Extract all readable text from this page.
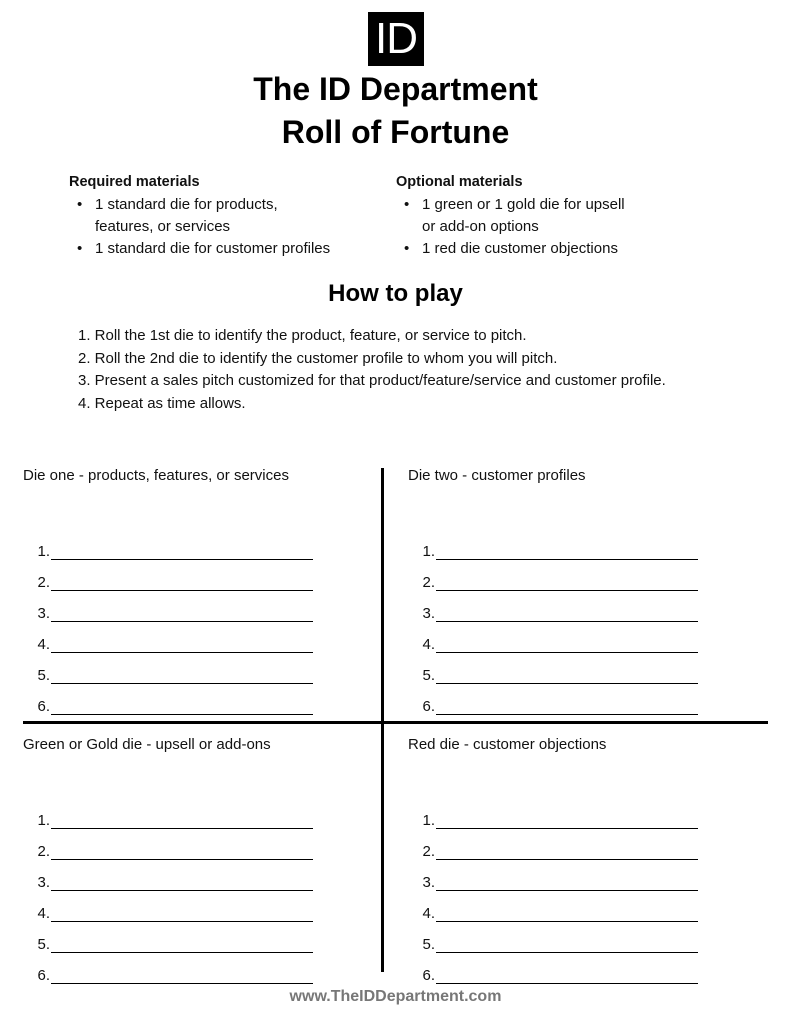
ID
The ID Department
Roll of Fortune
Required materials
• 1 standard die for products,
features, or services
• 1 standard die for customer profiles
Optional materials
• 1 green or 1 gold die for upsell
or add-on options
• 1 red die customer objections
How to play
1. Roll the 1st die to identify the product, feature, or service to pitch.
2. Roll the 2nd die to identify the customer profile to whom you will pitch.
3. Present a sales pitch customized for that product/feature/service and customer profile.
4. Repeat as time allows.
Die one - products, features, or services
1.
2.
3.
4.
5.
6.
Die two - customer profiles
1.
2.
3.
4.
5.
6.
Green or Gold die - upsell or add-ons
1.
2.
3.
4.
5.
6.
Red die - customer objections
1.
2.
3.
4.
5.
6.
www.TheIDDepartment.com
